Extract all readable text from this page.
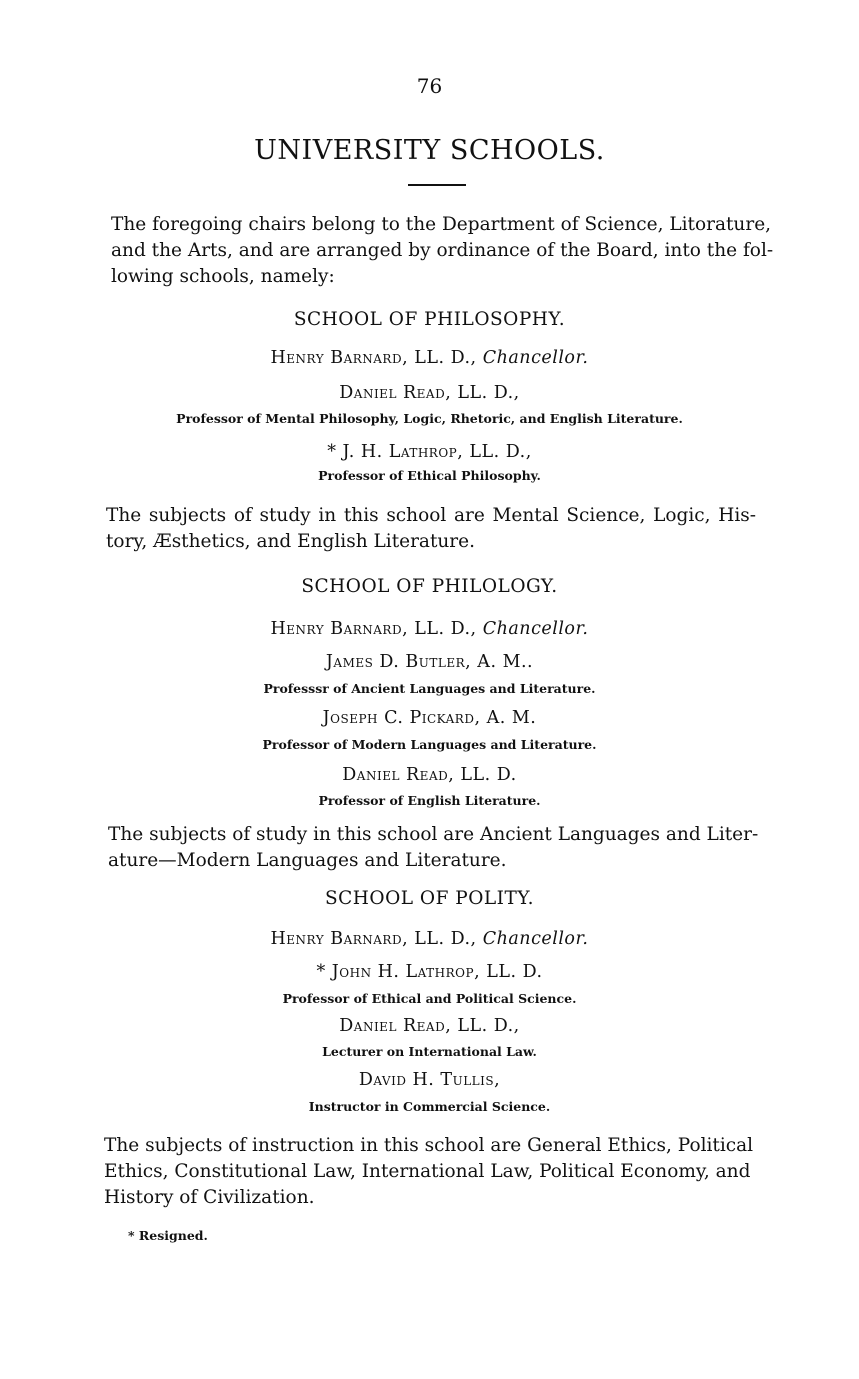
76
UNIVERSITY SCHOOLS.
The foregoing chairs belong to the Department of Science, Litorature,
and the Arts, and are arranged by ordinance of the Board, into the fol-
lowing schools, namely:
SCHOOL OF PHILOSOPHY.
Henry Barnard, LL. D., Chancellor.
Daniel Read, LL. D.,
Professor of Mental Philosophy, Logic, Rhetoric, and English Literature.
* J. H. Lathrop, LL. D.,
Professor of Ethical Philosophy.
The subjects of study in this school are Mental Science, Logic, His-
tory, Æsthetics, and English Literature.
SCHOOL OF PHILOLOGY.
Henry Barnard, LL. D., Chancellor.
James D. Butler, A. M..
Professsr of Ancient Languages and Literature.
Joseph C. Pickard, A. M.
Professor of Modern Languages and Literature.
Daniel Read, LL. D.
Professor of English Literature.
The subjects of study in this school are Ancient Languages and Liter-
ature—Modern Languages and Literature.
SCHOOL OF POLITY.
Henry Barnard, LL. D., Chancellor.
* John H. Lathrop, LL. D.
Professor of Ethical and Political Science.
Daniel Read, LL. D.,
Lecturer on International Law.
David H. Tullis,
Instructor in Commercial Science.
The subjects of instruction in this school are General Ethics, Political
Ethics, Constitutional Law, International Law, Political Economy, and
History of Civilization.
* Resigned.
